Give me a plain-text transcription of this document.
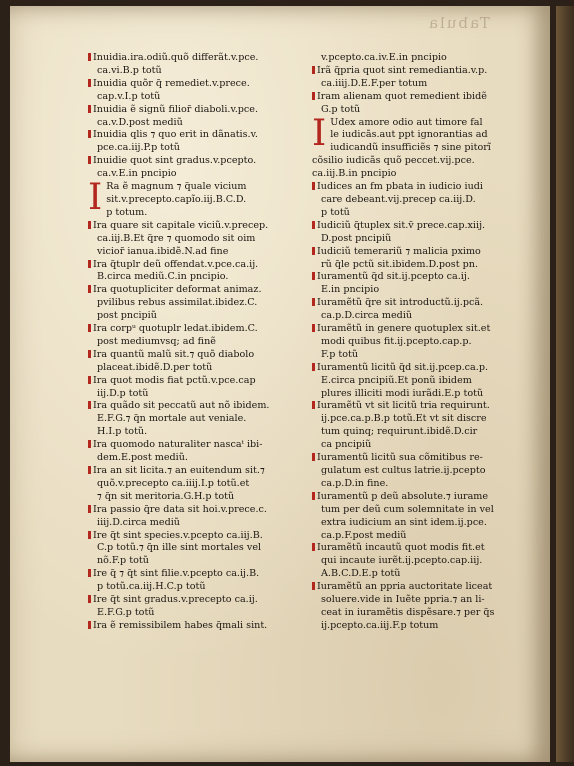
Tabula
Inuidia.ira.odiũ.quõ differãt.v.pce.
ca.vi.B.p totũ
Inuidia quõr q̃ remediet.v.prece.
cap.v.I.p totũ
Inuidia ẽ signũ filior̃ diaboli.v.pce.
ca.v.D.post mediũ
Inuidia qlis ⁊ quo erit in dãnatis.v.
pce.ca.iij.P.p totũ
Inuidie quot sint gradus.v.pcepto.
ca.v.E.in pncipio
I Ra ẽ magnum ⁊ q̃uale vicium
sit.v.precepto.capĩo.iij.B.C.D.
p totum.
Ira quare sit capitale viciũ.v.precep.
ca.iij.B.Et q̃re ⁊ quomodo sit oim
vicior̃ ianua.ibidẽ.N.ad fine
Ira q̃tuplr deũ offendat.v.pce.ca.ij.
B.circa mediũ.C.in pncipio.
Ira quotupliciter deformat animaz.
pvilibus rebus assimilat.ibidez.C.
post pncipiũ
Ira corpᵘ quotuplr ledat.ibidem.C.
post mediumvsq; ad finẽ
Ira quantũ malũ sit.⁊ quõ diabolo
placeat.ibidẽ.D.per totũ
Ira quot modis fiat pctũ.v.pce.cap
iij.D.p totũ
Ira quãdo sit peccatũ aut nõ ibidem.
E.F.G.⁊ q̃n mortale aut veniale.
H.I.p totũ.
Ira quomodo naturaliter nascaᵗ ibi-
dem.E.post mediũ.
Ira an sit licita.⁊ an euitendum sit.⁊
quõ.v.precepto ca.iiij.I.p totũ.et
⁊ q̃n sit meritoria.G.H.p totũ
Ira passio q̃re data sit hoi.v.prece.c.
iiij.D.circa mediũ
Ire q̃t sint species.v.pcepto ca.iij.B.
C.p totũ.⁊ q̃n ille sint mortales vel
nõ.F.p totũ
Ire q̃ ⁊ q̃t sint filie.v.pcepto ca.ij.B.
p totũ.ca.iij.H.C.p totũ
Ire q̃t sint gradus.v.precepto ca.ij.
E.F.G.p totũ
Ira ẽ remissibilem habes q̃mali sint.
v.pcepto.ca.iv.E.in pncipio
Irã q̃pria quot sint remediantia.v.p.
ca.iiij.D.E.F.per totum
Iram alienam quot remedient ibidẽ
G.p totũ
I Udex amore odio aut timore fal
le iudicãs.aut ppt ignorantias ad
iudicandũ insufficiẽs ⁊ sine pitorĩ
cõsilio iudicãs quõ peccet.vij.pce.
ca.iij.B.in pncipio
Iudices an fm pbata in iudicio iudi
care debeant.vij.precep ca.iij.D.
p totũ
Iudiciũ q̃tuplex sit.v̄ prece.cap.xiij.
D.post pncipiũ
Iudiciũ temerariũ ⁊ malicia pximo
rũ q̃le pctũ sit.ibidem.D.post pn.
Iuramentũ q̃d sit.ij.pcepto ca.ij.
E.in pncipio
Iuramẽtũ q̃re sit introductũ.ij.pcã.
ca.p.D.circa mediũ
Iuramẽtũ in genere quotuplex sit.et
modi quibus fit.ij.pcepto.cap.p.
F.p totũ
Iuramentũ licitũ q̃d sit.ij.pcep.ca.p.
E.circa pncipiũ.Et ponũ ibidem
plures illiciti modi iurãdi.E.p totũ
Iuramẽtũ vt sit licitũ tria requirunt.
ij.pce.ca.p.B.p totũ.Et vt sit discre
tum quinq; requirunt.ibidẽ.D.cir
ca pncipiũ
Iuramentũ licitũ sua cõmitibus re-
gulatum est cultus latrie.ij.pcepto
ca.p.D.in fine.
Iuramentũ p deũ absolute.⁊ iurame
tum per deũ cum solemnitate in vel
extra iudicium an sint idem.ij.pce.
ca.p.F.post mediũ
Iuramẽtũ incautũ quot modis fit.et
qui incaute iurẽt.ij.pcepto.cap.iij.
A.B.C.D.E.p totũ
Iuramẽtũ an ppria auctoritate liceat
soluere.vide in Iuẽte ppria.⁊ an li-
ceat in iuramẽtis dispẽsare.⁊ per q̃s
ij.pcepto.ca.iij.F.p totum
